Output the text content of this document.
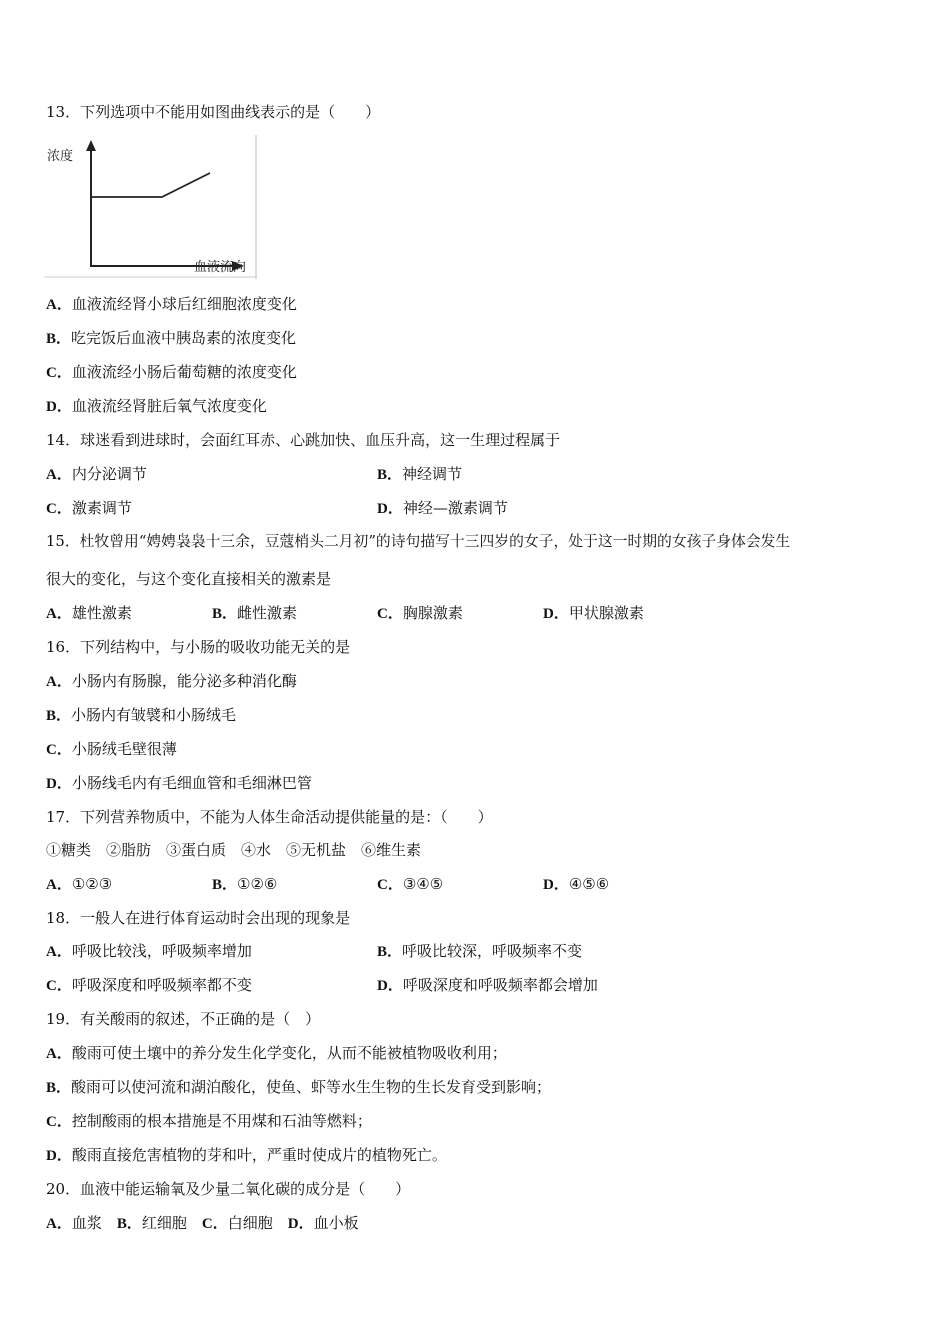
13．下列选项中不能用如图曲线表示的是（　　）
浓度
血液流向
A．血液流经肾小球后红细胞浓度变化
B．吃完饭后血液中胰岛素的浓度变化
C．血液流经小肠后葡萄糖的浓度变化
D．血液流经肾脏后氧气浓度变化
14．球迷看到进球时，会面红耳赤、心跳加快、血压升高，这一生理过程属于
A．内分泌调节	B．神经调节
C．激素调节	D．神经—激素调节
15．杜牧曾用“娉娉袅袅十三余，豆蔻梢头二月初”的诗句描写十三四岁的女子，处于这一时期的女孩子身体会发生
很大的变化，与这个变化直接相关的激素是
A．雄性激素	B．雌性激素	C．胸腺激素	D．甲状腺激素
16．下列结构中，与小肠的吸收功能无关的是
A．小肠内有肠腺，能分泌多种消化酶
B．小肠内有皱襞和小肠绒毛
C．小肠绒毛壁很薄
D．小肠线毛内有毛细血管和毛细淋巴管
17．下列营养物质中，不能为人体生命活动提供能量的是：（　　）
①糖类　②脂肪　③蛋白质　④水　⑤无机盐　⑥维生素
A．①②③	B．①②⑥	C．③④⑤	D．④⑤⑥
18．一般人在进行体育运动时会出现的现象是
A．呼吸比较浅，呼吸频率增加	B．呼吸比较深，呼吸频率不变
C．呼吸深度和呼吸频率都不变	D．呼吸深度和呼吸频率都会增加
19．有关酸雨的叙述，不正确的是（　）
A．酸雨可使土壤中的养分发生化学变化，从而不能被植物吸收利用；
B．酸雨可以使河流和湖泊酸化，使鱼、虾等水生生物的生长发育受到影响；
C．控制酸雨的根本措施是不用煤和石油等燃料；
D．酸雨直接危害植物的芽和叶，严重时使成片的植物死亡。
20．血液中能运输氧及少量二氧化碳的成分是（　　）
A．血浆　 B．红细胞　 C．白细胞　 D．血小板
